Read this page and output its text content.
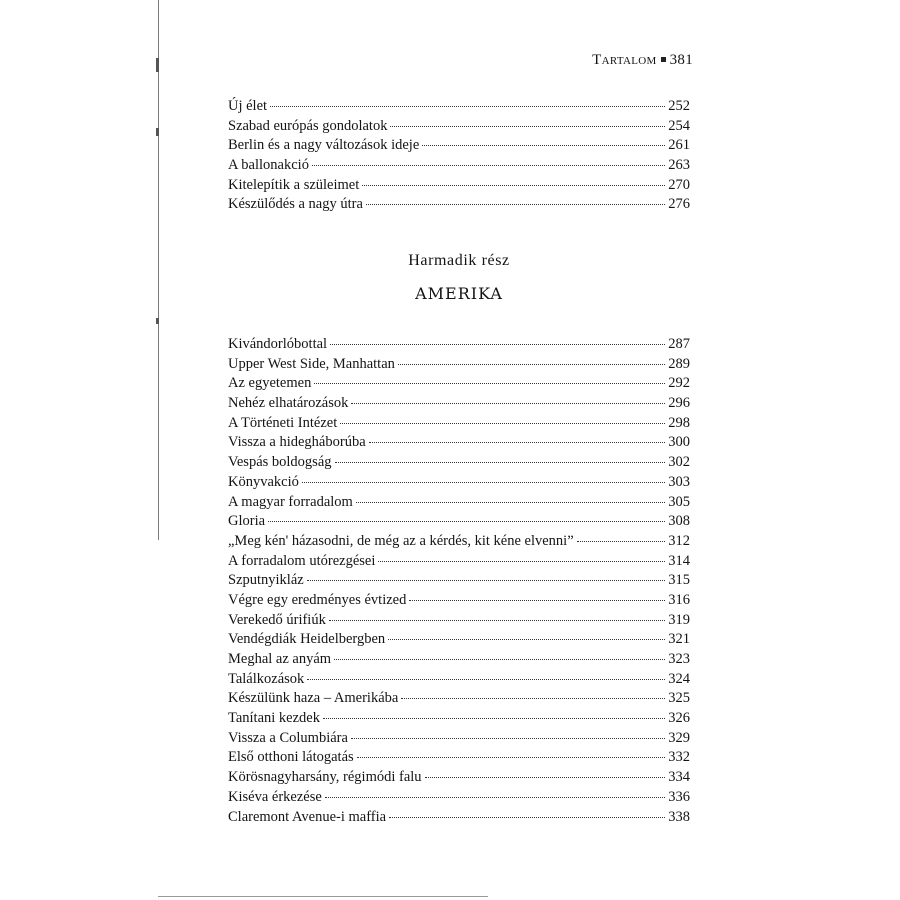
Tartalom 381
Új élet	252
Szabad európás gondolatok	254
Berlin és a nagy változások ideje	261
A ballonakció	263
Kitelepítik a szüleimet	270
Készülődés a nagy útra	276
Harmadik rész
AMERIKA
Kivándorlóbottal	287
Upper West Side, Manhattan	289
Az egyetemen	292
Nehéz elhatározások	296
A Történeti Intézet	298
Vissza a hidegháborúba	300
Vespás boldogság	302
Könyvakció	303
A magyar forradalom	305
Gloria	308
„Meg kén' házasodni, de még az a kérdés, kit kéne elvenni”	312
A forradalom utórezgései	314
Szputnyikláz	315
Végre egy eredményes évtized	316
Verekedő úrifiúk	319
Vendégdiák Heidelbergben	321
Meghal az anyám	323
Találkozások	324
Készülünk haza – Amerikába	325
Tanítani kezdek	326
Vissza a Columbiára	329
Első otthoni látogatás	332
Körösnagyharsány, régimódi falu	334
Kiséva érkezése	336
Claremont Avenue-i maffia	338
